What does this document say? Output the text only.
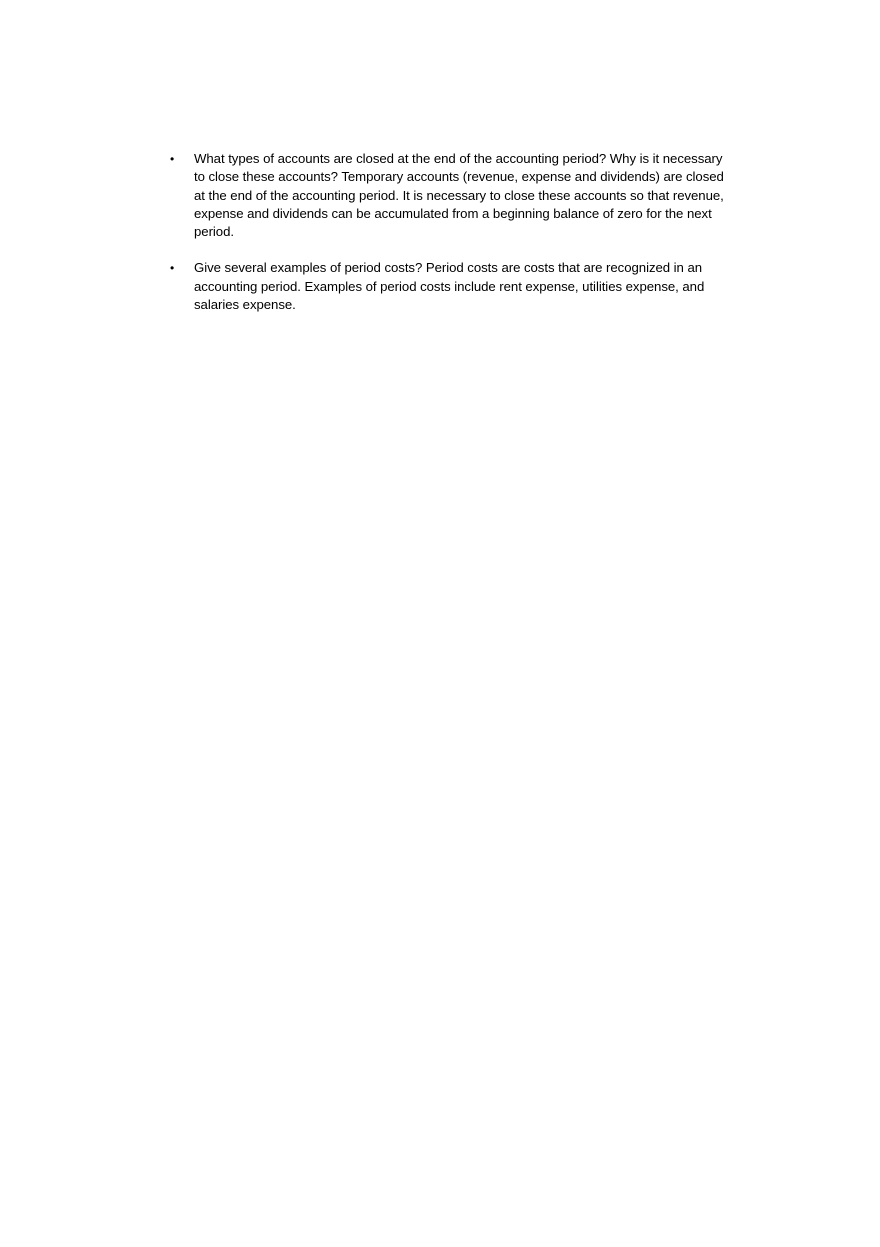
• What types of accounts are closed at the end of the accounting period? Why is it necessary to close these accounts? Temporary accounts (revenue, expense and dividends) are closed at the end of the accounting period. It is necessary to close these accounts so that revenue, expense and dividends can be accumulated from a beginning balance of zero for the next period.
• Give several examples of period costs? Period costs are costs that are recognized in an accounting period. Examples of period costs include rent expense, utilities expense, and salaries expense.
